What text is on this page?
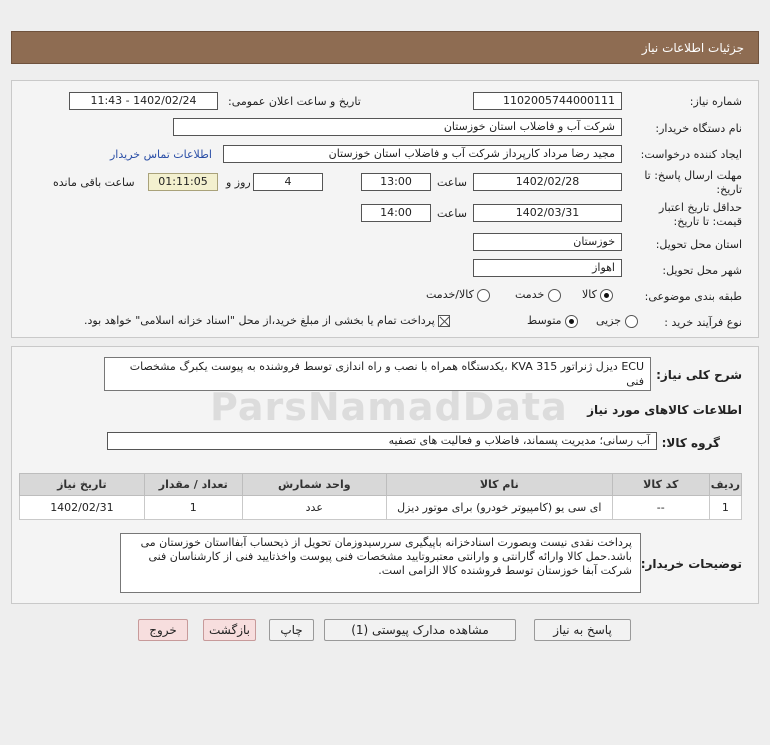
جزئیات اطلاعات نیاز
شماره نیاز:
1102005744000111
تاریخ و ساعت اعلان عمومی:
1402/02/24 - 11:43
نام دستگاه خریدار:
شرکت آب و فاضلاب استان خوزستان
ایجاد کننده درخواست:
مجید رضا مرداد کارپرداز شرکت آب و فاضلاب استان خوزستان
اطلاعات تماس خریدار
مهلت ارسال پاسخ: تا
تاریخ:
1402/02/28
ساعت
13:00
4
روز و
01:11:05
ساعت باقی مانده
حداقل تاریخ اعتبار
قیمت: تا تاریخ:
1402/03/31
ساعت
14:00
استان محل تحویل:
خوزستان
شهر محل تحویل:
اهواز
طبقه بندی موضوعی:
کالا
خدمت
کالا/خدمت
نوع فرآیند خرید :
جزیی
متوسط
پرداخت تمام یا بخشی از مبلغ خرید،از محل "اسناد خزانه اسلامی" خواهد بود.
شرح کلی نیاز:
ECU دیزل ژنراتور KVA 315 ،یکدستگاه همراه با نصب و راه اندازی توسط فروشنده به پیوست یکبرگ مشخصات فنی
ParsNamadData اطلاعات کالاهای مورد نیاز
گروه کالا:
آب رسانی؛ مدیریت پسماند، فاضلاب و فعالیت های تصفیه
ردیف	کد کالا	نام کالا	واحد شمارش	تعداد / مقدار	تاریخ نیاز
1	--	ای سی یو (کامپیوتر خودرو) برای موتور دیزل	عدد	1	1402/02/31
توضیحات خریدار:
پرداخت نقدی نیست وبصورت اسنادخزانه باپیگیری سررسیدوزمان تحویل از ذیحساب آبفااستان خوزستان می باشد.حمل کالا وارائه گارانتی و وارانتی معتبروتایید مشخصات فنی پیوست واخذتایید فنی از کارشناسان فنی شرکت آبفا خوزستان توسط فروشنده کالا الزامی است.
پاسخ به نیاز
مشاهده مدارک پیوستی (1)
چاپ
بازگشت
خروج
